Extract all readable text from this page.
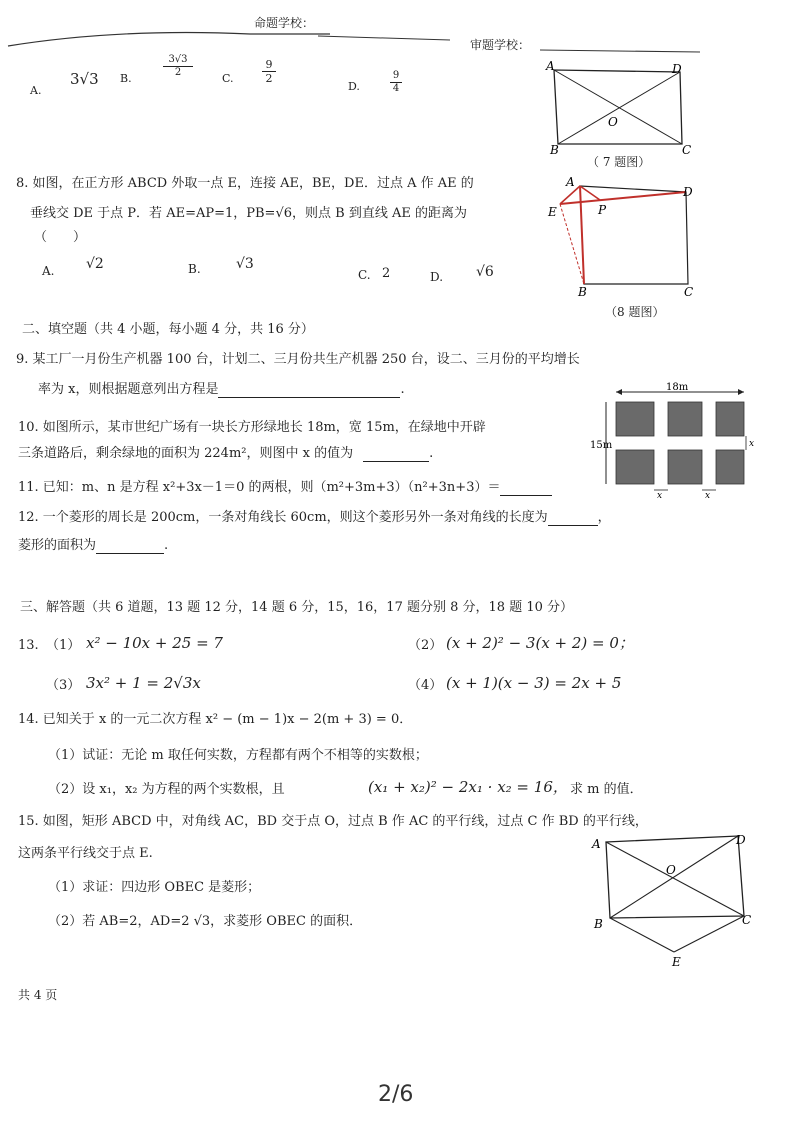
命题学校：
审题学校：
A.
3√3 B.	$\frac{3√3}{2}$	C.	$\frac{9}{2}$
D.	$\frac{9}{4}$
A	D
O
B	C
（ 7 题图）
8. 如图，在正方形 ABCD 外取一点 E，连接 AE，BE，DE．过点 A 作 AE 的
垂线交 DE 于点 P．若 AE=AP=1，PB=√6，则点 B 到直线 AE 的距离为
（　　）
A. √2	B.	√3
C. 2	D. √6
A
D
E	P
B	C
（8 题图）
二、填空题（共 4 小题，每小题 4 分，共 16 分）
9. 某工厂一月份生产机器 100 台，计划二、三月份共生产机器 250 台，设二、三月份的平均增长
率为 x，则根据题意列出方程是	.
10. 如图所示，某市世纪广场有一块长方形绿地长 18m，宽 15m，在绿地中开辟
三条道路后，剩余绿地的面积为 224m²，则图中 x 的值为	.
18m
15m	x
x	x
11. 已知：m、n 是方程 x²+3x－1＝0 的两根，则（m²+3m+3）（n²+3n+3）＝
12. 一个菱形的周长是 200cm，一条对角线长 60cm，则这个菱形另外一条对角线的长度为	，
菱形的面积为	.
三、解答题（共 6 道题，13 题 12 分，14 题 6 分，15，16，17 题分别 8 分，18 题 10 分）
13. （1） x² − 10x + 25 = 7	（2） (x + 2)² − 3(x + 2) = 0；
（3） 3x² + 1 = 2√3x	（4） (x + 1)(x − 3) = 2x + 5
14. 已知关于 x 的一元二次方程 x² − (m − 1)x − 2(m + 3) = 0．
（1）试证：无论 m 取任何实数，方程都有两个不相等的实数根；
（2）设 x₁，x₂ 为方程的两个实数根，且	(x₁ + x₂)² − 2x₁ · x₂ = 16， 求 m 的值．
15. 如图，矩形 ABCD 中，对角线 AC，BD 交于点 O，过点 B 作 AC 的平行线，过点 C 作 BD 的平行线，
这两条平行线交于点 E.
（1）求证：四边形 OBEC 是菱形；
（2）若 AB=2，AD=2 √3，求菱形 OBEC 的面积．
A	D
O
B	C
E
共 4 页
2/6
